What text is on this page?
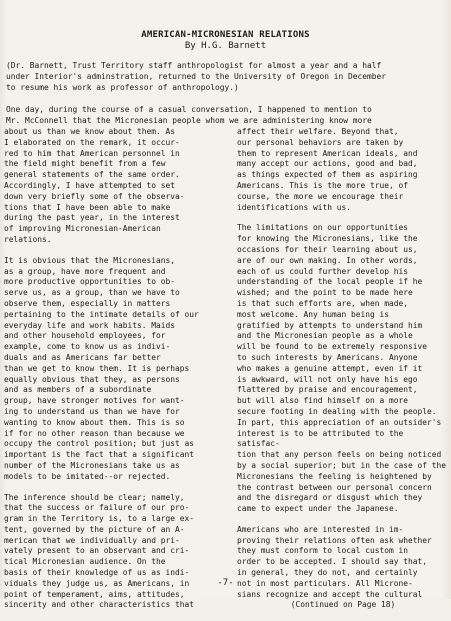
AMERICAN-MICRONESIAN RELATIONS
By H.G. Barnett
(Dr. Barnett, Trust Territory staff anthropologist for almost a year and a half
under Interior's adminstration, returned to the University of Oregon in December
to resume his work as professor of anthropology.)
One day, during the course of a casual conversation, I happened to mention to
Mr. McConnell that the Micronesian people whom we are administering know more
about us than we know about them. As
I elaborated on the remark, it occur-
red to him that American personnel in
the field might benefit from a few
general statements of the same order.
Accordingly, I have attempted to set
down very briefly some of the observa-
tions that I have been able to make
during the past year, in the interest
of improving Micronesian-American
relations.
It is obvious that the Micronesians,
as a group, have more frequent and
more productive opportunities to ob-
serve us, as a group, than we have to
observe them, especially in matters
pertaining to the intimate details of our
everyday life and work habits. Maids
and other household employees, for
example, come to know us as indivi-
duals and as Americans far better
than we get to know them. It is perhaps
equally obvious that they, as persons
and as members of a subordinate
group, have stronger motives for want-
ing to understand us than we have for
wanting to know about them. This is so
if for no other reason than because we
occupy the control position; but just as
important is the fact that a significant
number of the Micronesians take us as
models to be imitated--or rejected.
The inference should be clear; namely,
that the success or failure of our pro-
gram in the Territory is, to a large ex-
tent, governed by the picture of an A-
merican that we individually and pri-
vately present to an observant and cri-
tical Micronesian audience. On the
basis of their knowledge of us as indi-
viduals they judge us, as Americans, in
point of temperament, aims, attitudes,
sincerity and other characteristics that
affect their welfare. Beyond that,
our personal behaviors are taken by
them to represent American ideals, and
many accept our actions, good and bad,
as things expected of them as aspiring
Americans. This is the more true, of
course, the more we encourage their
identifications with us.
The limitations on our opportunities
for knowing the Micronesians, like the
occasions for their learning about us,
are of our own making. In other words,
each of us could further develop his
understanding of the local people if he
wished; and the point to be made here
is that such efforts are, when made,
most welcome. Any human being is
gratified by attempts to understand him
and the Micronesian people as a whole
will be found to be extremely responsive
to such interests by Americans. Anyone
who makes a genuine attempt, even if it
is awkward, will not only have his ego
flattered by praise and encouragement,
but will also find himself on a more
secure footing in dealing with the people.
In part, this appreciation of an outsider's
interest is to be attributed to the satisfac-
tion that any person feels on being noticed
by a social superior; but in the case of the
Micronesians the feeling is heightened by
the contrast between our personal concern
and the disregard or disgust which they
came to expect under the Japanese.
Americans who are interested in im-
proving their relations often ask whether
they must conform to local custom in
order to be accepted. I should say that,
in general, they do not, and certainly
not in most particulars. All Microne-
sians recognize and accept the cultural
(Continued on Page 18)
-7-
